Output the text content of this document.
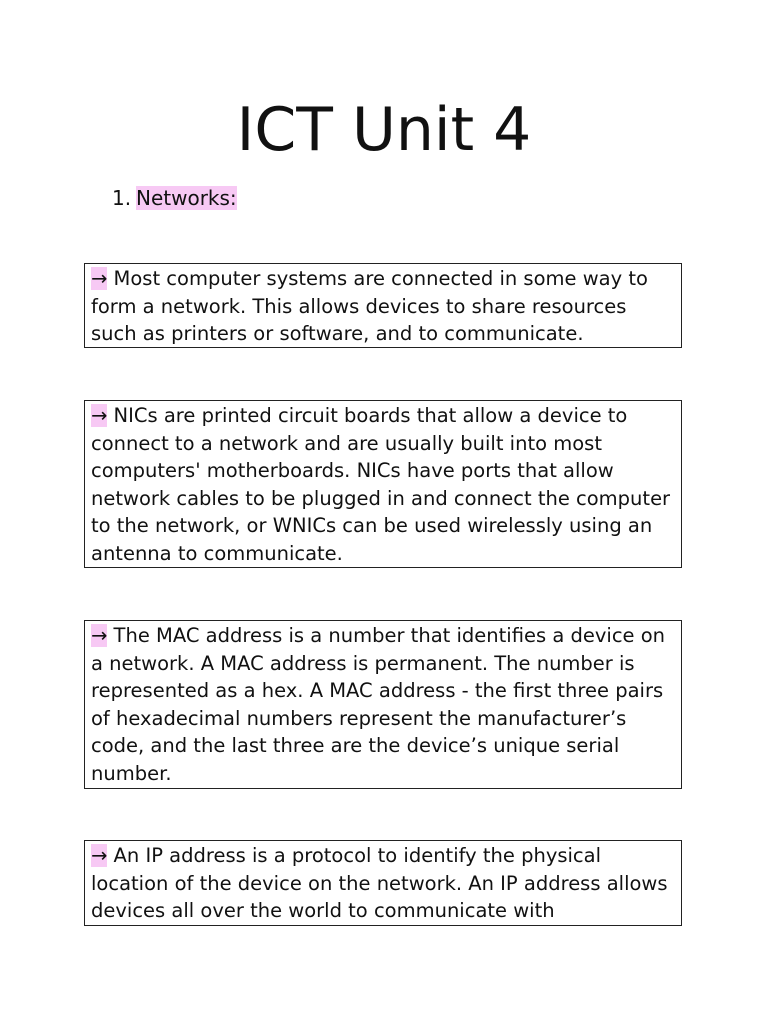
ICT Unit 4
1. Networks:
→ Most computer systems are connected in some way to form a network. This allows devices to share resources such as printers or software, and to communicate.
→ NICs are printed circuit boards that allow a device to connect to a network and are usually built into most computers' motherboards. NICs have ports that allow network cables to be plugged in and connect the computer to the network, or WNICs can be used wirelessly using an antenna to communicate.
→ The MAC address is a number that identifies a device on a network. A MAC address is permanent. The number is represented as a hex. A MAC address - the first three pairs of hexadecimal numbers represent the manufacturer’s code, and the last three are the device’s unique serial number.
→ An IP address is a protocol to identify the physical location of the device on the network. An IP address allows devices all over the world to communicate with
